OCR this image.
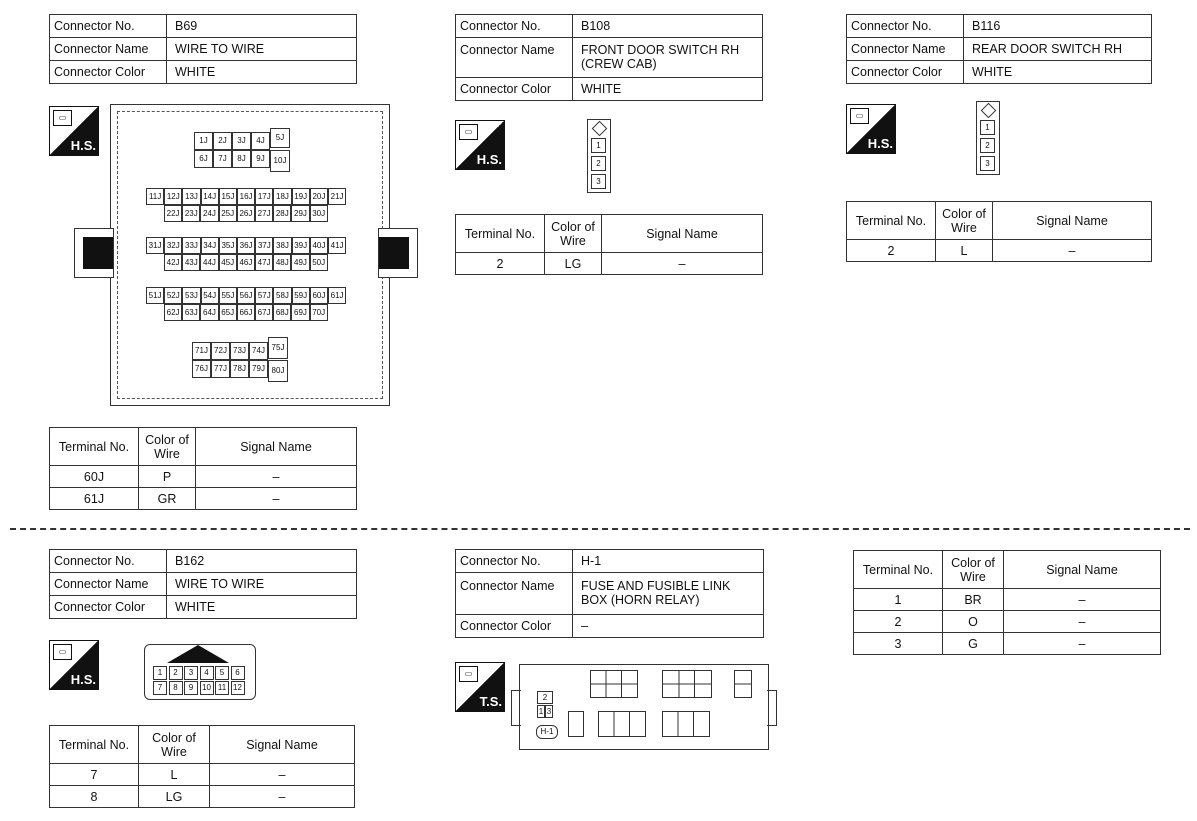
Connector No.	B69
Connector Name	WIRE TO WIRE
Connector Color	WHITE
▭
H.S.	1J	2J	3J	4J
6J	7J	8J	9J
5J
10J
11J 12J 13J 14J 15J 16J 17J 18J 19J 20J 21J
22J 23J 24J 25J 26J 27J 28J 29J 30J
31J 32J 33J 34J 35J 36J 37J 38J 39J 40J 41J
42J 43J 44J 45J 46J 47J 48J 49J 50J
51J 52J 53J 54J 55J 56J 57J 58J 59J 60J 61J
62J 63J 64J 65J 66J 67J 68J 69J 70J
71J 72J 73J 74J
76J 77J 78J 79J
75J
80J
Terminal No.	Color of Wire	Signal Name
60J	P	–
61J	GR	–
Connector No.	B108
Connector Name	FRONT DOOR SWITCH RH (CREW CAB)
Connector Color	WHITE
▭
H.S.
1
2
3
Terminal No.	Color of Wire	Signal Name
2	LG	–
Connector No.	B116
Connector Name	REAR DOOR SWITCH RH
Connector Color	WHITE
▭
H.S.
1
2
3
Terminal No.	Color of Wire	Signal Name
2	L	–
Connector No.	B162
Connector Name	WIRE TO WIRE
Connector Color	WHITE
▭
H.S.	1	2	3	4	5	6
7	8	9	10 11 12
Terminal No.	Color of Wire	Signal Name
7	L	–
8	LG	–
Connector No.	H-1
Connector Name	FUSE AND FUSIBLE LINK BOX (HORN RELAY)
Connector Color	–
▭
T.S.	2
1 3
H-1
Terminal No.	Color of Wire	Signal Name
1	BR	–
2	O	–
3	G	–
